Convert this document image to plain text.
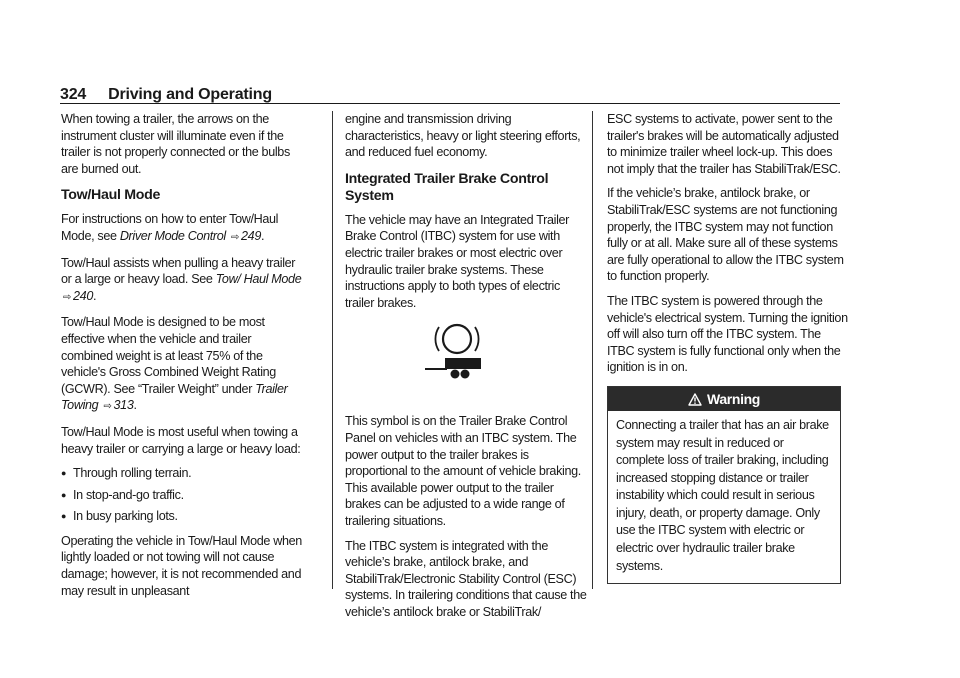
324 Driving and Operating

When towing a trailer, the arrows on the instrument cluster will illuminate even if the trailer is not properly connected or the bulbs are burned out.

Tow/Haul Mode

For instructions on how to enter Tow/Haul Mode, see Driver Mode Control ⇨ 249.

Tow/Haul assists when pulling a heavy trailer or a large or heavy load. See Tow/ Haul Mode ⇨ 240.

Tow/Haul Mode is designed to be most effective when the vehicle and trailer combined weight is at least 75% of the vehicle's Gross Combined Weight Rating (GCWR). See “Trailer Weight” under Trailer Towing ⇨ 313.

Tow/Haul Mode is most useful when towing a heavy trailer or carrying a large or heavy load:

● Through rolling terrain.
● In stop-and-go traffic.
● In busy parking lots.

Operating the vehicle in Tow/Haul Mode when lightly loaded or not towing will not cause damage; however, it is not recommended and may result in unpleasant

engine and transmission driving characteristics, heavy or light steering efforts, and reduced fuel economy.

Integrated Trailer Brake Control System

The vehicle may have an Integrated Trailer Brake Control (ITBC) system for use with electric trailer brakes or most electric over hydraulic trailer brake systems. These instructions apply to both types of electric trailer brakes.

This symbol is on the Trailer Brake Control Panel on vehicles with an ITBC system. The power output to the trailer brakes is proportional to the amount of vehicle braking. This available power output to the trailer brakes can be adjusted to a wide range of trailering situations.

The ITBC system is integrated with the vehicle’s brake, antilock brake, and StabiliTrak/Electronic Stability Control (ESC) systems. In trailering conditions that cause the vehicle’s antilock brake or StabiliTrak/

ESC systems to activate, power sent to the trailer's brakes will be automatically adjusted to minimize trailer wheel lock-up. This does not imply that the trailer has StabiliTrak/ESC.

If the vehicle’s brake, antilock brake, or StabiliTrak/ESC systems are not functioning properly, the ITBC system may not function fully or at all. Make sure all of these systems are fully operational to allow the ITBC system to function properly.

The ITBC system is powered through the vehicle's electrical system. Turning the ignition off will also turn off the ITBC system. The ITBC system is fully functional only when the ignition is in on.

Warning
Connecting a trailer that has an air brake system may result in reduced or complete loss of trailer braking, including increased stopping distance or trailer instability which could result in serious injury, death, or property damage. Only use the ITBC system with electric or electric over hydraulic trailer brake systems.
